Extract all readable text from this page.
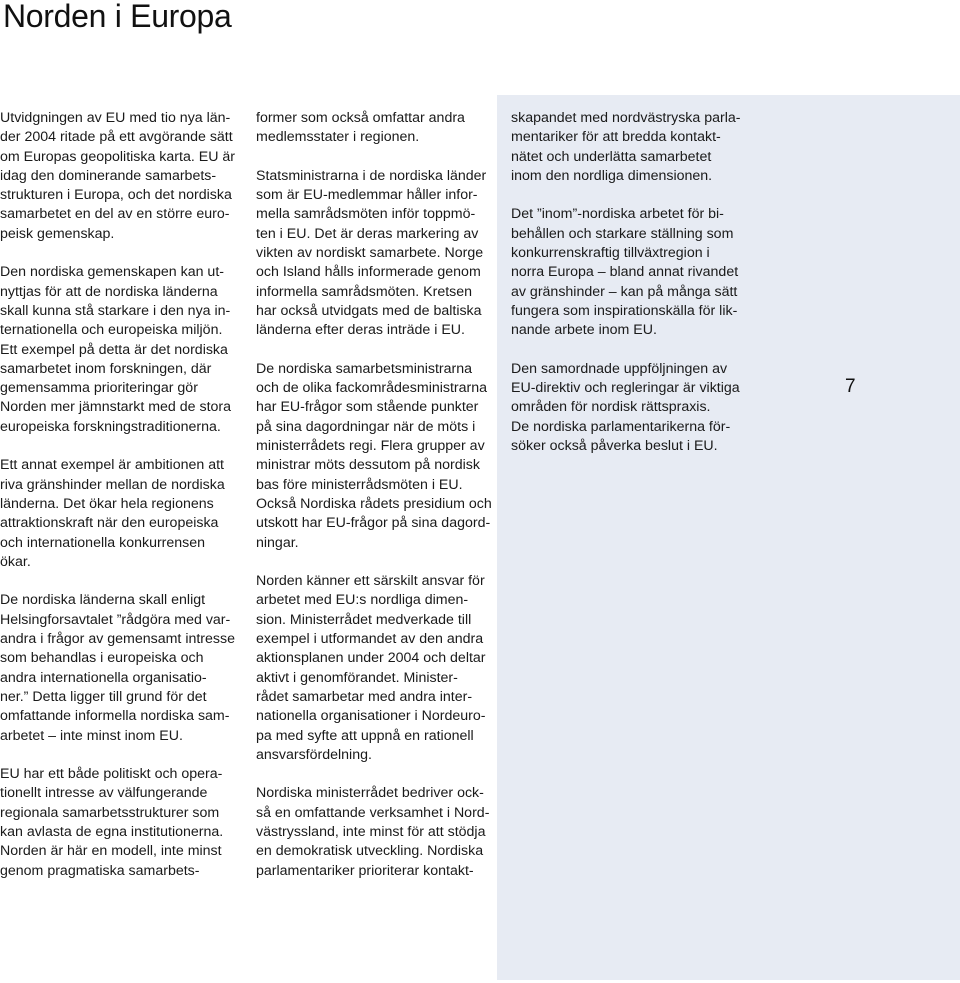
Norden i Europa

Utvidgningen av EU med tio nya län-
der 2004 ritade på ett avgörande sätt
om Europas geopolitiska karta. EU är
idag den dominerande samarbets-
strukturen i Europa, och det nordiska
samarbetet en del av en större euro-
peisk gemenskap.

Den nordiska gemenskapen kan ut-
nyttjas för att de nordiska länderna
skall kunna stå starkare i den nya in-
ternationella och europeiska miljön.
Ett exempel på detta är det nordiska
samarbetet inom forskningen, där
gemensamma prioriteringar gör
Norden mer jämnstarkt med de stora
europeiska forskningstraditionerna.

Ett annat exempel är ambitionen att
riva gränshinder mellan de nordiska
länderna. Det ökar hela regionens
attraktionskraft när den europeiska
och internationella konkurrensen
ökar.

De nordiska länderna skall enligt
Helsingforsavtalet ”rådgöra med var-
andra i frågor av gemensamt intresse
som behandlas i europeiska och
andra internationella organisatio-
ner.” Detta ligger till grund för det
omfattande informella nordiska sam-
arbetet – inte minst inom EU.

EU har ett både politiskt och opera-
tionellt intresse av välfungerande
regionala samarbetsstrukturer som
kan avlasta de egna institutionerna.
Norden är här en modell, inte minst
genom pragmatiska samarbets-

former som också omfattar andra
medlemsstater i regionen.

Statsministrarna i de nordiska länder
som är EU-medlemmar håller infor-
mella samrådsmöten inför toppmö-
ten i EU. Det är deras markering av
vikten av nordiskt samarbete. Norge
och Island hålls informerade genom
informella samrådsmöten. Kretsen
har också utvidgats med de baltiska
länderna efter deras inträde i EU.

De nordiska samarbetsministrarna
och de olika fackområdesministrarna
har EU-frågor som stående punkter
på sina dagordningar när de möts i
ministerrådets regi. Flera grupper av
ministrar möts dessutom på nordisk
bas före ministerrådsmöten i EU.
Också Nordiska rådets presidium och
utskott har EU-frågor på sina dagord-
ningar.

Norden känner ett särskilt ansvar för
arbetet med EU:s nordliga dimen-
sion. Ministerrådet medverkade till
exempel i utformandet av den andra
aktionsplanen under 2004 och deltar
aktivt i genomförandet. Minister-
rådet samarbetar med andra inter-
nationella organisationer i Nordeuro-
pa med syfte att uppnå en rationell
ansvarsfördelning.

Nordiska ministerrådet bedriver ock-
så en omfattande verksamhet i Nord-
västryssland, inte minst för att stödja
en demokratisk utveckling. Nordiska
parlamentariker prioriterar kontakt-

skapandet med nordvästryska parla-
mentariker för att bredda kontakt-
nätet och underlätta samarbetet
inom den nordliga dimensionen.

Det ”inom”-nordiska arbetet för bi-
behållen och starkare ställning som
konkurrenskraftig tillväxtregion i
norra Europa – bland annat rivandet
av gränshinder – kan på många sätt
fungera som inspirationskälla för lik-
nande arbete inom EU.

Den samordnade uppföljningen av
EU-direktiv och regleringar är viktiga
områden för nordisk rättspraxis.
De nordiska parlamentarikerna för-
söker också påverka beslut i EU.

7
